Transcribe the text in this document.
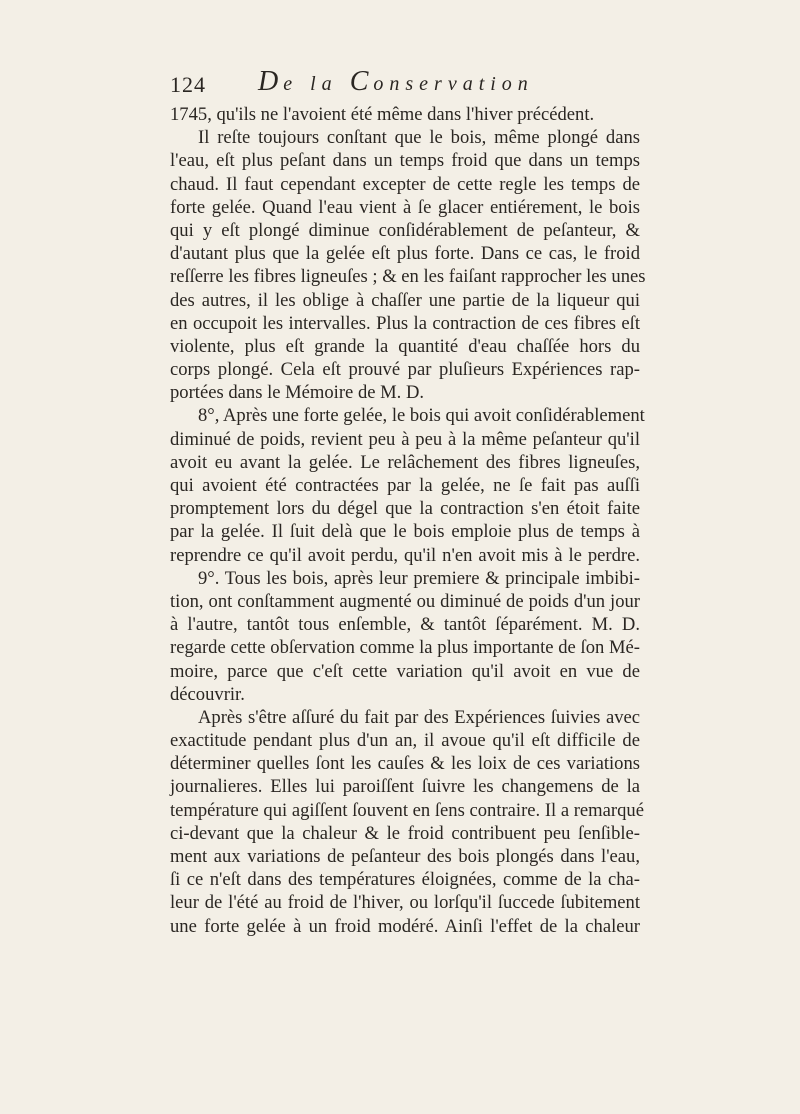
124 De la Conservation
1745, qu'ils ne l'avoient été même dans l'hiver précédent.
Il reſte toujours conſtant que le bois, même plongé dans
l'eau, eſt plus peſant dans un temps froid que dans un temps
chaud. Il faut cependant excepter de cette regle les temps de
forte gelée. Quand l'eau vient à ſe glacer entiérement, le bois
qui y eſt plongé diminue conſidérablement de peſanteur, &
d'autant plus que la gelée eſt plus forte. Dans ce cas, le froid
reſſerre les fibres ligneuſes ; & en les faiſant rapprocher les unes
des autres, il les oblige à chaſſer une partie de la liqueur qui
en occupoit les intervalles. Plus la contraction de ces fibres eſt
violente, plus eſt grande la quantité d'eau chaſſée hors du
corps plongé. Cela eſt prouvé par pluſieurs Expériences rap-
portées dans le Mémoire de M. D.
8°, Après une forte gelée, le bois qui avoit conſidérablement
diminué de poids, revient peu à peu à la même peſanteur qu'il
avoit eu avant la gelée. Le relâchement des fibres ligneuſes,
qui avoient été contractées par la gelée, ne ſe fait pas auſſi
promptement lors du dégel que la contraction s'en étoit faite
par la gelée. Il ſuit delà que le bois emploie plus de temps à
reprendre ce qu'il avoit perdu, qu'il n'en avoit mis à le perdre.
9°. Tous les bois, après leur premiere & principale imbibi-
tion, ont conſtamment augmenté ou diminué de poids d'un jour
à l'autre, tantôt tous enſemble, & tantôt ſéparément. M. D.
regarde cette obſervation comme la plus importante de ſon Mé-
moire, parce que c'eſt cette variation qu'il avoit en vue de
découvrir.
Après s'être aſſuré du fait par des Expériences ſuivies avec
exactitude pendant plus d'un an, il avoue qu'il eſt difficile de
déterminer quelles ſont les cauſes & les loix de ces variations
journalieres. Elles lui paroiſſent ſuivre les changemens de la
température qui agiſſent ſouvent en ſens contraire. Il a remarqué
ci-devant que la chaleur & le froid contribuent peu ſenſible-
ment aux variations de peſanteur des bois plongés dans l'eau,
ſi ce n'eſt dans des températures éloignées, comme de la cha-
leur de l'été au froid de l'hiver, ou lorſqu'il ſuccede ſubitement
une forte gelée à un froid modéré. Ainſi l'effet de la chaleur
